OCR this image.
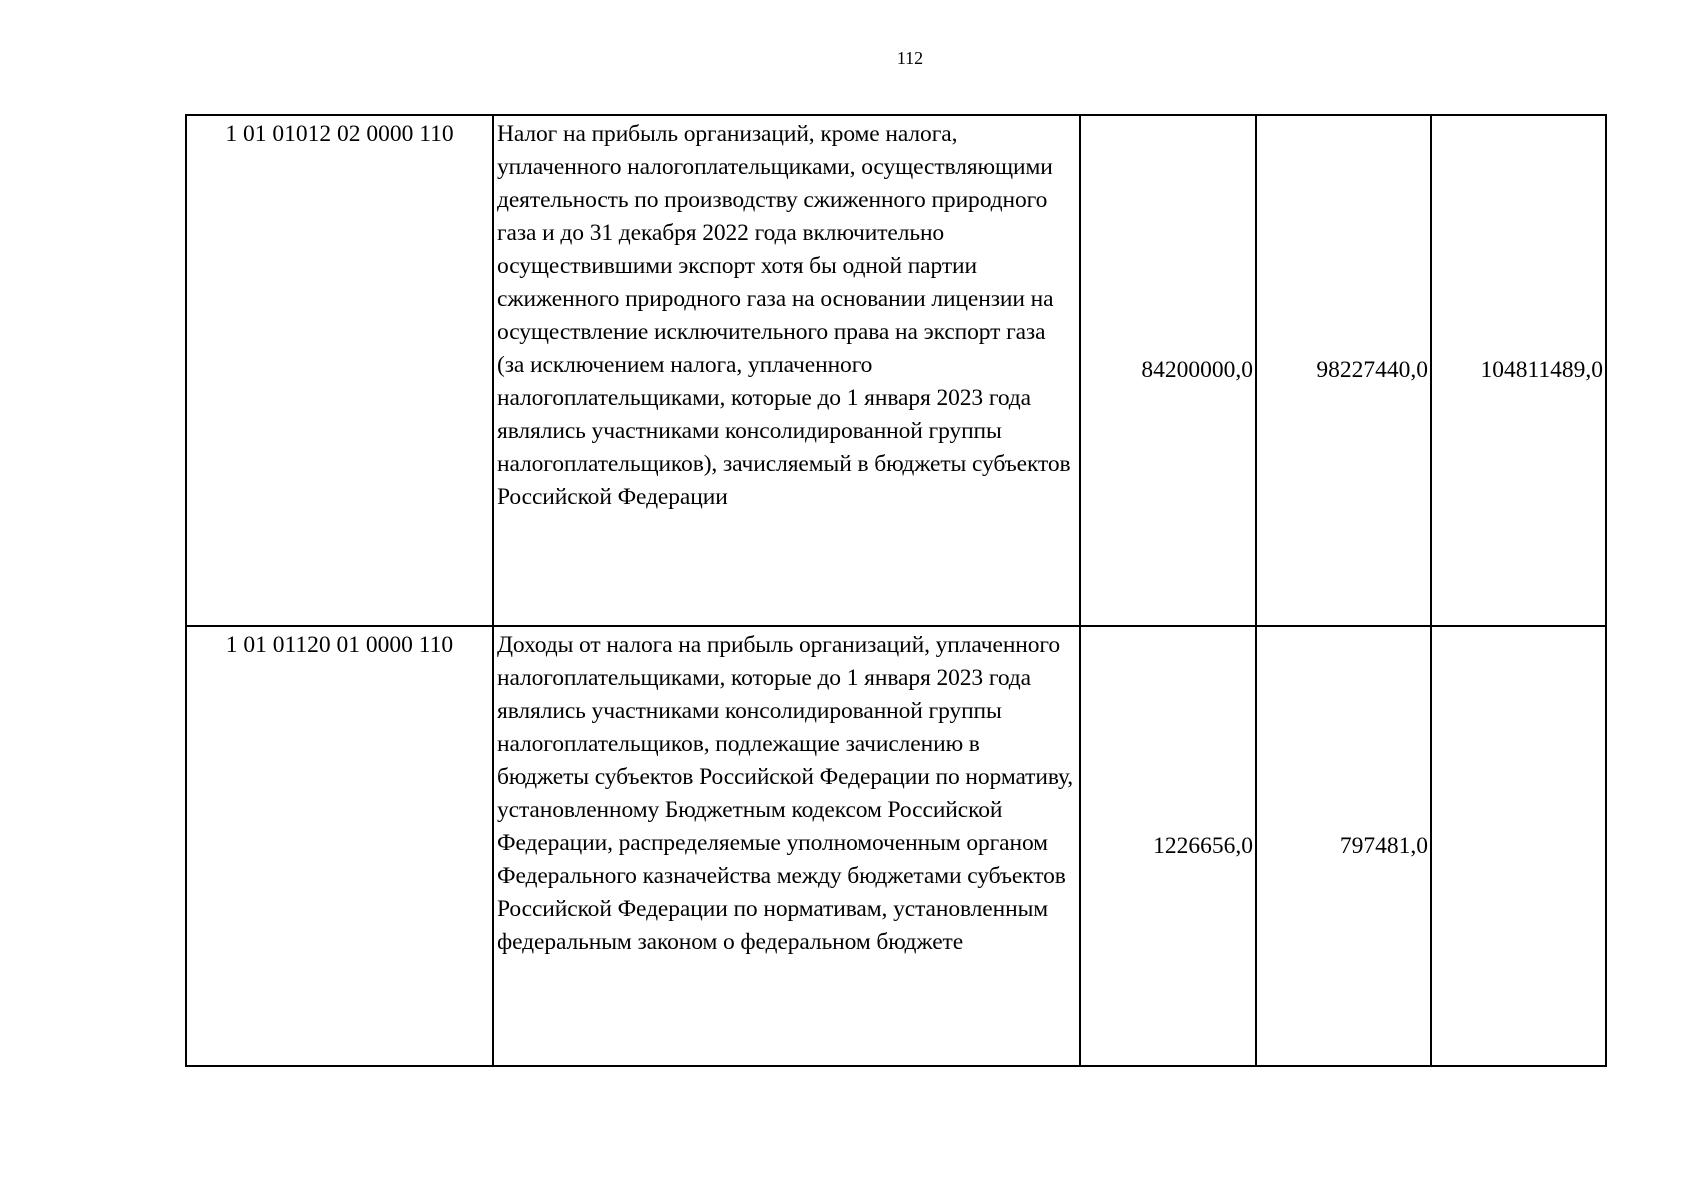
112
1 01 01012 02 0000 110	Налог на прибыль организаций, кроме налога, уплаченного налогоплательщиками, осуществляющими деятельность по производству сжиженного природного газа и до 31 декабря 2022 года включительно осуществившими экспорт хотя бы одной партии сжиженного природного газа на основании лицензии на осуществление исключительного права на экспорт газа (за исключением налога, уплаченного налогоплательщиками, которые до 1 января 2023 года являлись участниками консолидированной группы налогоплательщиков), зачисляемый в бюджеты субъектов Российской Федерации	84200000,0	98227440,0	104811489,0
1 01 01120 01 0000 110	Доходы от налога на прибыль организаций, уплаченного налогоплательщиками, которые до 1 января 2023 года являлись участниками консолидированной группы налогоплательщиков, подлежащие зачислению в бюджеты субъектов Российской Федерации по нормативу, установленному Бюджетным кодексом Российской Федерации, распределяемые уполномоченным органом Федерального казначейства между бюджетами субъектов Российской Федерации по нормативам, установленным федеральным законом о федеральном бюджете	1226656,0	797481,0	
